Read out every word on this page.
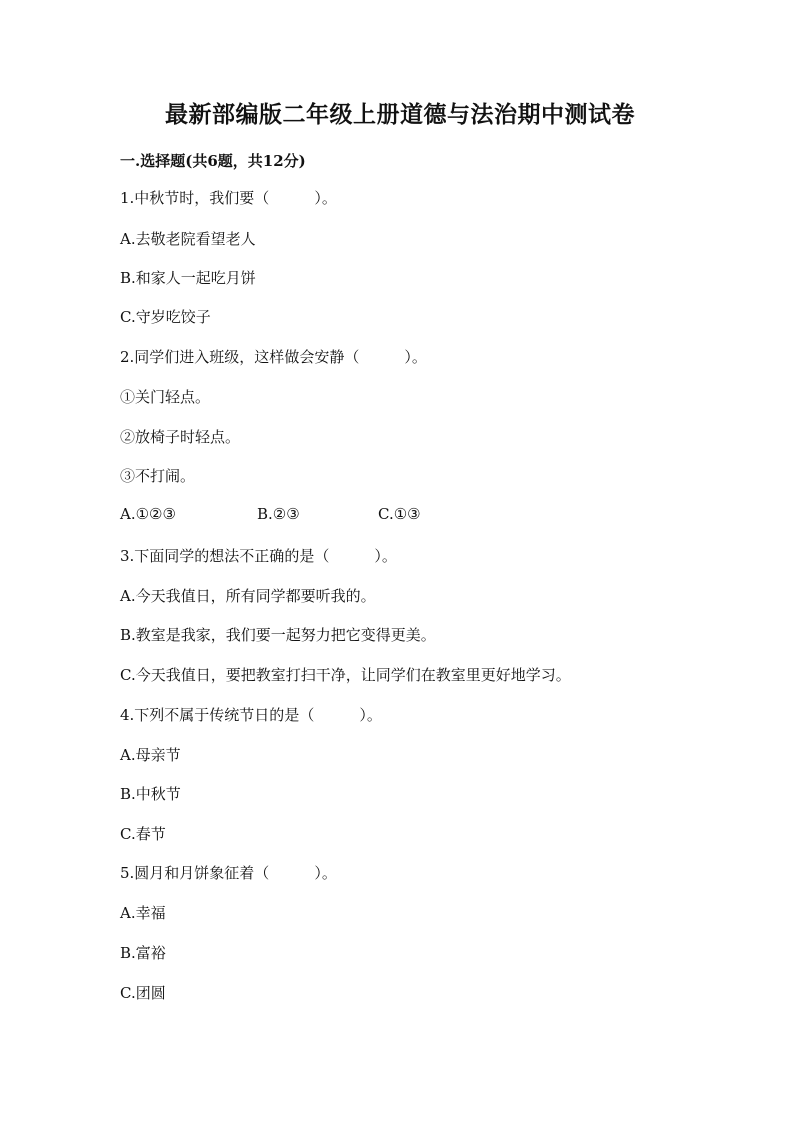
最新部编版二年级上册道德与法治期中测试卷
一.选择题(共6题，共12分)
1.中秋节时，我们要（　　　）。
A.去敬老院看望老人
B.和家人一起吃月饼
C.守岁吃饺子
2.同学们进入班级，这样做会安静（　　　）。
①关门轻点。
②放椅子时轻点。
③不打闹。
A.①②③	B.②③	C.①③
3.下面同学的想法不正确的是（　　　）。
A.今天我值日，所有同学都要听我的。
B.教室是我家，我们要一起努力把它变得更美。
C.今天我值日，要把教室打扫干净，让同学们在教室里更好地学习。
4.下列不属于传统节日的是（　　　）。
A.母亲节
B.中秋节
C.春节
5.圆月和月饼象征着（　　　）。
A.幸福
B.富裕
C.团圆
